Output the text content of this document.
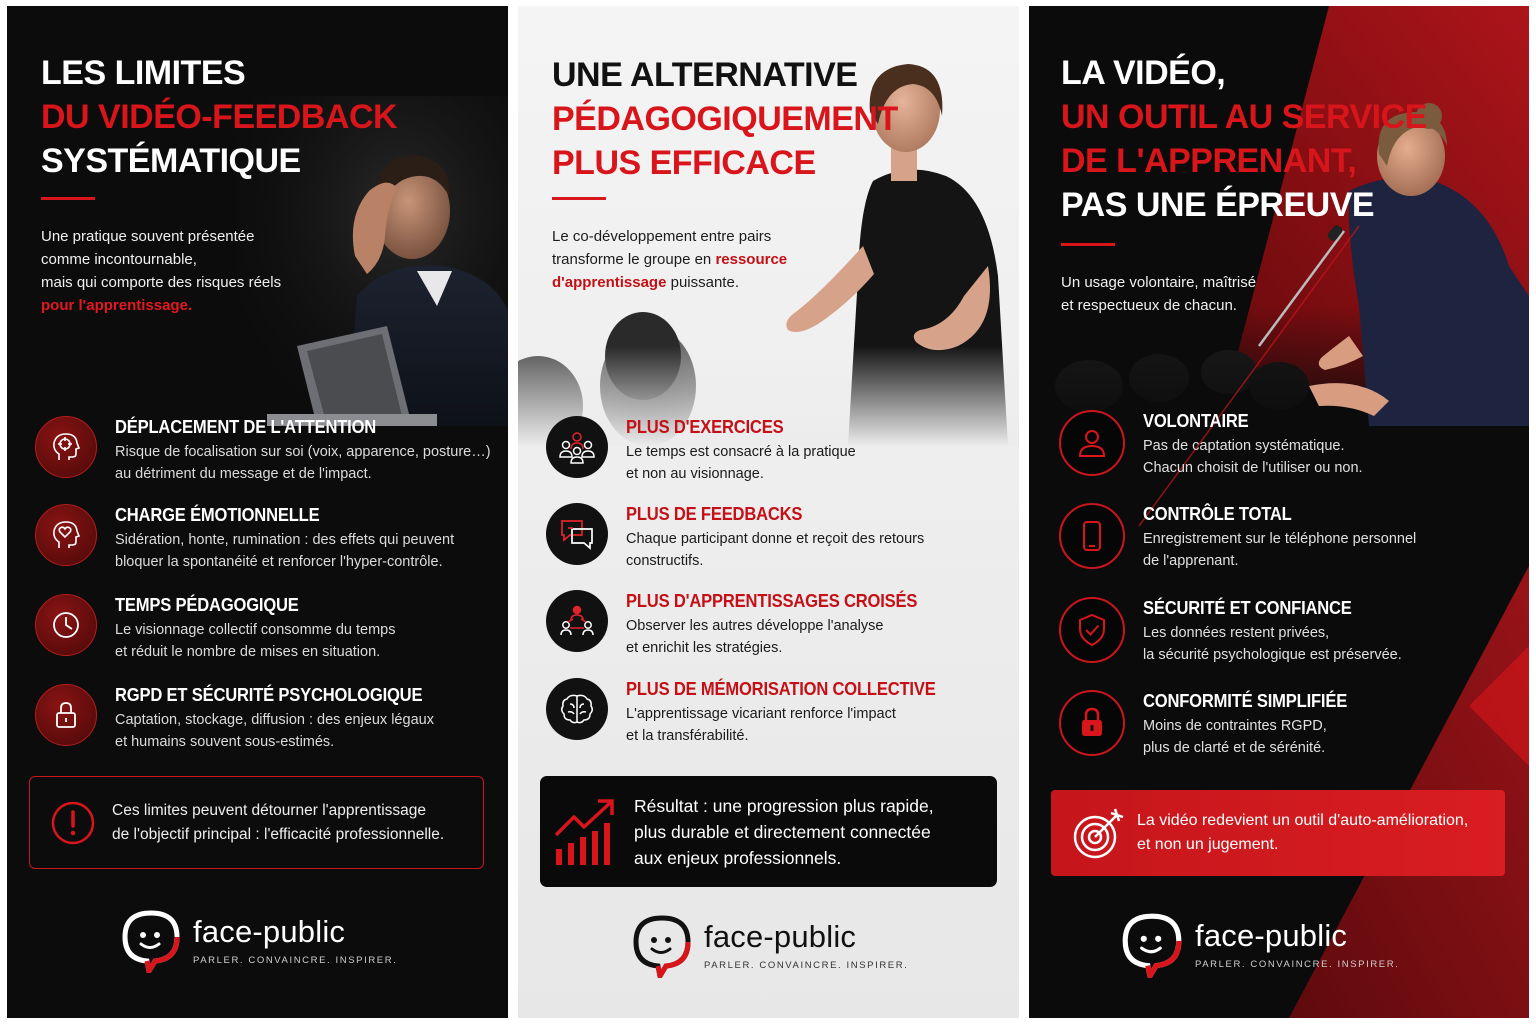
LES LIMITES
DU VIDÉO-FEEDBACK
SYSTÉMATIQUE
Une pratique souvent présentée
comme incontournable,
mais qui comporte des risques réels
pour l'apprentissage.
DÉPLACEMENT DE L'ATTENTION
Risque de focalisation sur soi (voix, apparence, posture…)
au détriment du message et de l'impact.
CHARGE ÉMOTIONNELLE
Sidération, honte, rumination : des effets qui peuvent
bloquer la spontanéité et renforcer l'hyper-contrôle.
TEMPS PÉDAGOGIQUE
Le visionnage collectif consomme du temps
et réduit le nombre de mises en situation.
RGPD ET SÉCURITÉ PSYCHOLOGIQUE
Captation, stockage, diffusion : des enjeux légaux
et humains souvent sous-estimés.
Ces limites peuvent détourner l'apprentissage
de l'objectif principal : l'efficacité professionnelle.
face-public
PARLER. CONVAINCRE. INSPIRER.
UNE ALTERNATIVE
PÉDAGOGIQUEMENT
PLUS EFFICACE
Le co-développement entre pairs
transforme le groupe en ressource
d'apprentissage puissante.
PLUS D'EXERCICES
Le temps est consacré à la pratique
et non au visionnage.
PLUS DE FEEDBACKS
Chaque participant donne et reçoit des retours
constructifs.
PLUS D'APPRENTISSAGES CROISÉS
Observer les autres développe l'analyse
et enrichit les stratégies.
PLUS DE MÉMORISATION COLLECTIVE
L'apprentissage vicariant renforce l'impact
et la transférabilité.
Résultat : une progression plus rapide,
plus durable et directement connectée
aux enjeux professionnels.
face-public
PARLER. CONVAINCRE. INSPIRER.
LA VIDÉO,
UN OUTIL AU SERVICE
DE L'APPRENANT,
PAS UNE ÉPREUVE
Un usage volontaire, maîtrisé
et respectueux de chacun.
VOLONTAIRE
Pas de captation systématique.
Chacun choisit de l'utiliser ou non.
CONTRÔLE TOTAL
Enregistrement sur le téléphone personnel
de l'apprenant.
SÉCURITÉ ET CONFIANCE
Les données restent privées,
la sécurité psychologique est préservée.
CONFORMITÉ SIMPLIFIÉE
Moins de contraintes RGPD,
plus de clarté et de sérénité.
La vidéo redevient un outil d'auto-amélioration,
et non un jugement.
face-public
PARLER. CONVAINCRE. INSPIRER.
